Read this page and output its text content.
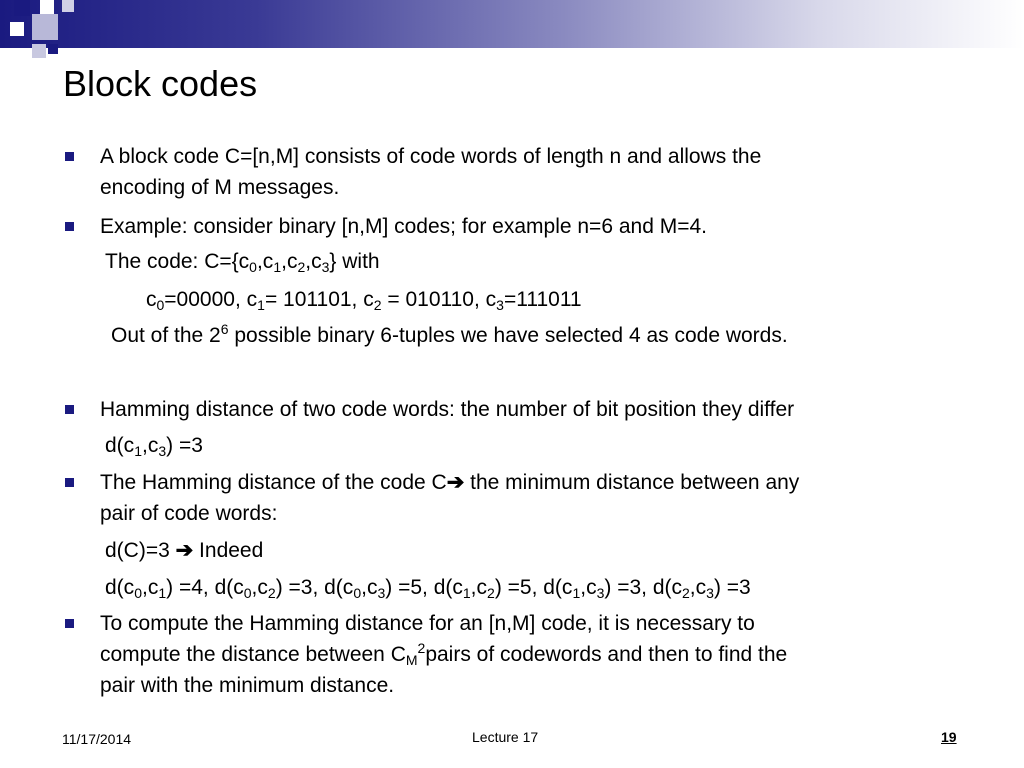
Block codes
A block code C=[n,M] consists of code words of length n and allows the
encoding of M messages.
Example: consider binary [n,M] codes; for example n=6 and M=4.
The code: $C=\{c_0,c_1,c_2,c_3\}$ with
$c_0=00000$, $c_1= 101101$, $c_2 = 010110$, $c_3=111011$
Out of the $2^6$ possible binary 6-tuples we have selected 4 as code words.
Hamming distance of two code words: the number of bit position they differ
$d(c_1,c_3) =3$
The Hamming distance of the code C➔ the minimum distance between any
pair of code words:
d(C)=3 ➔ Indeed
$d(c_0,c_1) =4$, $d(c_0,c_2) =3$, $d(c_0,c_3) =5$, $d(c_1,c_2) =5$, $d(c_1,c_3) =3$, $d(c_2,c_3) =3$
To compute the Hamming distance for an [n,M] code, it is necessary to
compute the distance between $C_M^2pairs$ of codewords and then to find the
pair with the minimum distance.
11/17/2014	Lecture 17	19
